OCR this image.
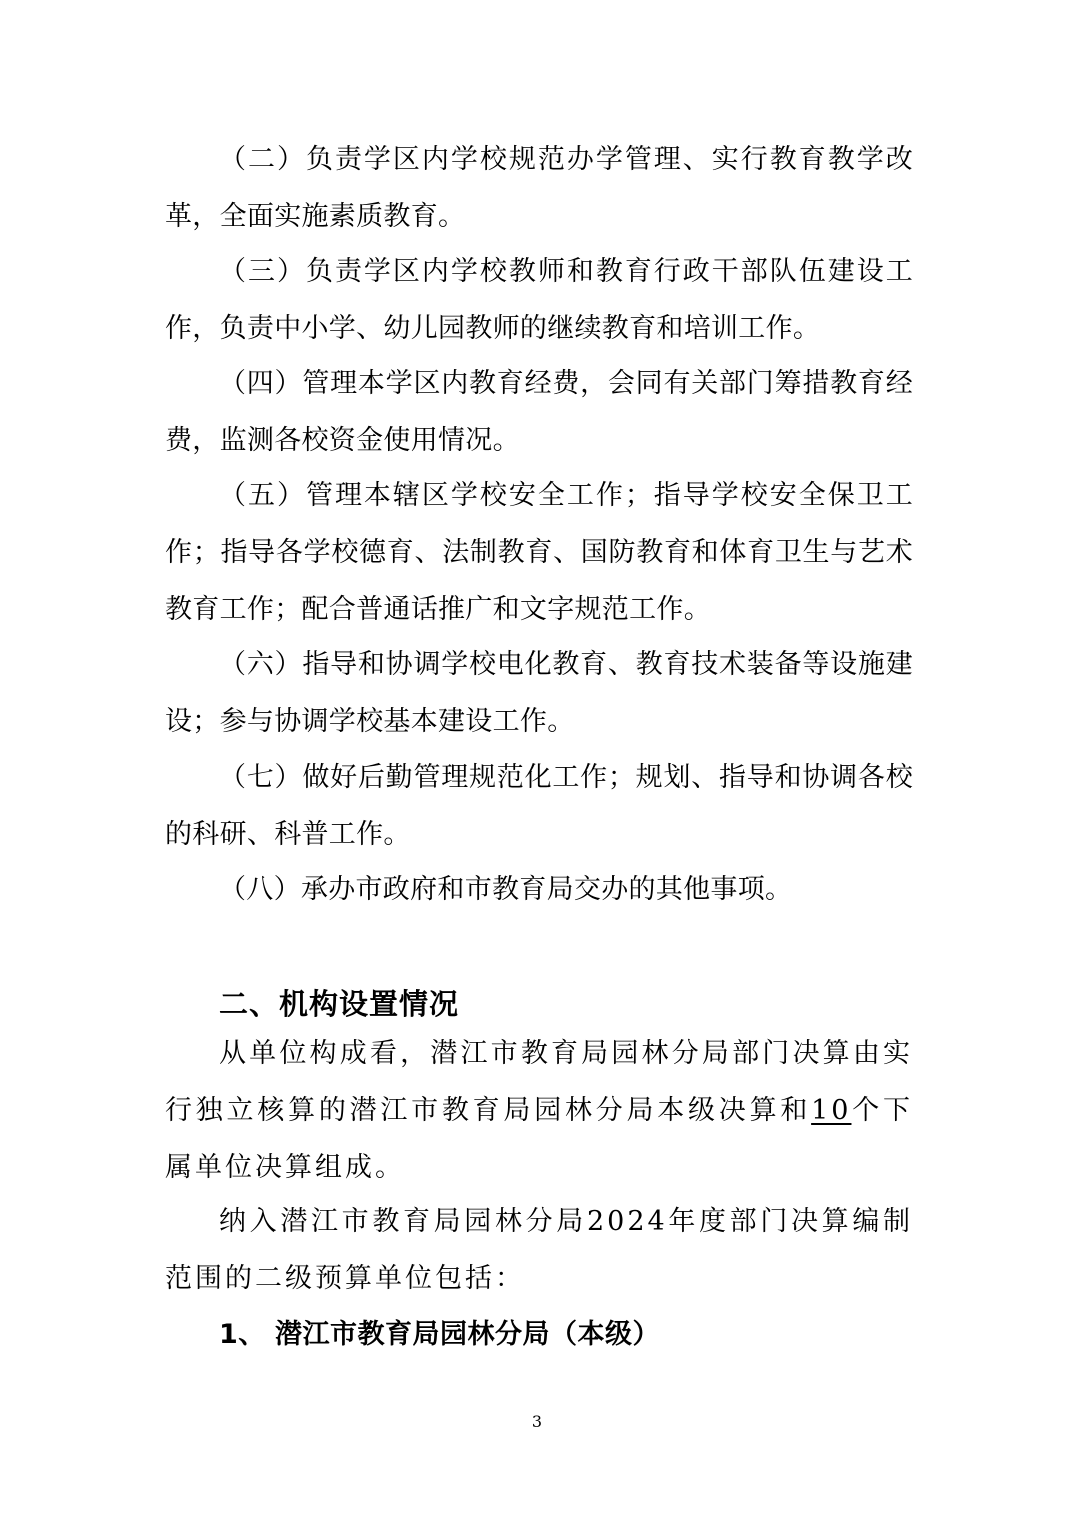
（二）负责学区内学校规范办学管理、实行教育教学改革，全面实施素质教育。

（三）负责学区内学校教师和教育行政干部队伍建设工作，负责中小学、幼儿园教师的继续教育和培训工作。

（四）管理本学区内教育经费，会同有关部门筹措教育经费，监测各校资金使用情况。

（五）管理本辖区学校安全工作；指导学校安全保卫工作；指导各学校德育、法制教育、国防教育和体育卫生与艺术教育工作；配合普通话推广和文字规范工作。

（六）指导和协调学校电化教育、教育技术装备等设施建设；参与协调学校基本建设工作。

（七）做好后勤管理规范化工作；规划、指导和协调各校的科研、科普工作。

（八）承办市政府和市教育局交办的其他事项。

二、机构设置情况

从单位构成看，潜江市教育局园林分局部门决算由实行独立核算的潜江市教育局园林分局本级决算和10个下属单位决算组成。

纳入潜江市教育局园林分局2024年度部门决算编制范围的二级预算单位包括：

1、 潜江市教育局园林分局（本级）

3
